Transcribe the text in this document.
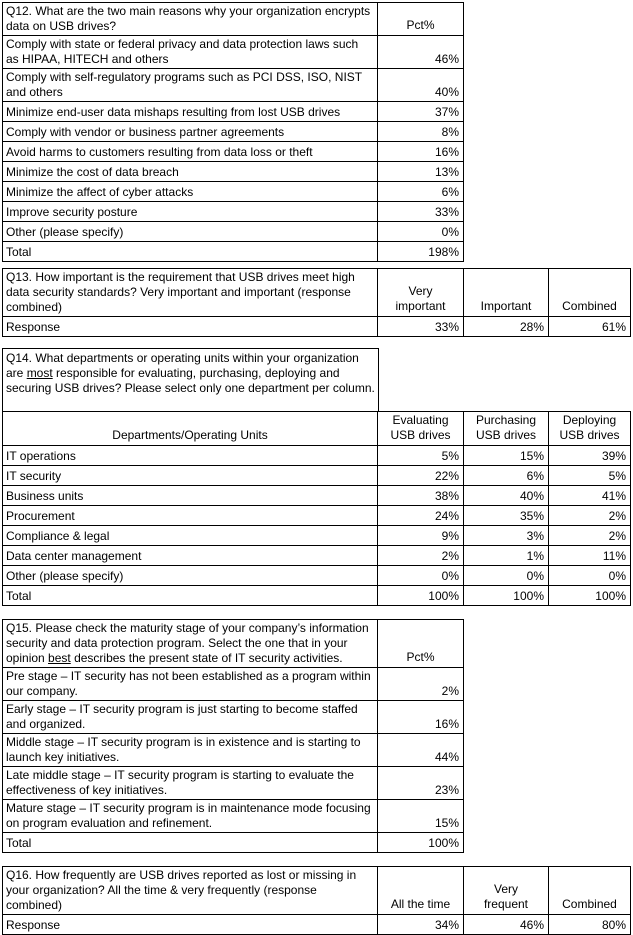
Q12. What are the two main reasons why your organization encrypts data on USB drives?	Pct%
Comply with state or federal privacy and data protection laws such as HIPAA, HITECH and others	46%
Comply with self-regulatory programs such as PCI DSS, ISO, NIST and others	40%
Minimize end-user data mishaps resulting from lost USB drives	37%
Comply with vendor or business partner agreements	8%
Avoid harms to customers resulting from data loss or theft	16%
Minimize the cost of data breach	13%
Minimize the affect of cyber attacks	6%
Improve security posture	33%
Other (please specify)	0%
Total	198%
Q13. How important is the requirement that USB drives meet high data security standards? Very important and important (response combined)	Very important	Important	Combined
Response	33%	28%	61%
Q14. What departments or operating units within your organization are most responsible for evaluating, purchasing, deploying and securing USB drives? Please select only one department per column.
Departments/Operating Units	Evaluating USB drives	Purchasing USB drives	Deploying USB drives
IT operations	5%	15%	39%
IT security	22%	6%	5%
Business units	38%	40%	41%
Procurement	24%	35%	2%
Compliance & legal	9%	3%	2%
Data center management	2%	1%	11%
Other (please specify)	0%	0%	0%
Total	100%	100%	100%
Q15. Please check the maturity stage of your company’s information security and data protection program. Select the one that in your opinion best describes the present state of IT security activities.	Pct%
Pre stage – IT security has not been established as a program within our company.	2%
Early stage – IT security program is just starting to become staffed and organized.	16%
Middle stage – IT security program is in existence and is starting to launch key initiatives.	44%
Late middle stage – IT security program is starting to evaluate the effectiveness of key initiatives.	23%
Mature stage – IT security program is in maintenance mode focusing on program evaluation and refinement.	15%
Total	100%
Q16. How frequently are USB drives reported as lost or missing in your organization? All the time & very frequently (response combined)	All the time	Very frequent	Combined
Response	34%	46%	80%
